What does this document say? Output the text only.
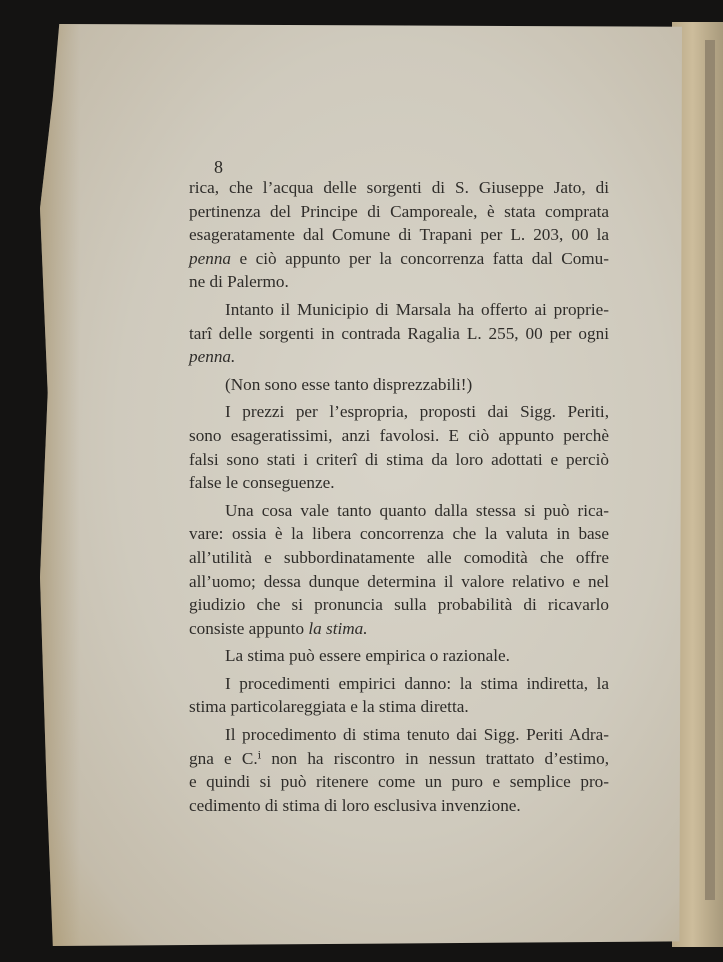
8
rica, che l’acqua delle sorgenti di S. Giuseppe Jato, di
pertinenza del Principe di Camporeale, è stata comprata
esageratamente dal Comune di Trapani per L. 203, 00 la
penna e ciò appunto per la concorrenza fatta dal Comu-
ne di Palermo.
Intanto il Municipio di Marsala ha offerto ai proprie-
tarî delle sorgenti in contrada Ragalia L. 255, 00 per ogni
penna.
(Non sono esse tanto disprezzabili!)
I prezzi per l’espropria, proposti dai Sigg. Periti,
sono esageratissimi, anzi favolosi. E ciò appunto perchè
falsi sono stati i criterî di stima da loro adottati e perciò
false le conseguenze.
Una cosa vale tanto quanto dalla stessa si può rica-
vare: ossia è la libera concorrenza che la valuta in base
all’utilità e subbordinatamente alle comodità che offre
all’uomo; dessa dunque determina il valore relativo e nel
giudizio che si pronuncia sulla probabilità di ricavarlo
consiste appunto la stima.
La stima può essere empirica o razionale.
I procedimenti empirici danno: la stima indiretta, la
stima particolareggiata e la stima diretta.
Il procedimento di stima tenuto dai Sigg. Periti Adra-
gna e C.ⁱ non ha riscontro in nessun trattato d’estimo,
e quindi si può ritenere come un puro e semplice pro-
cedimento di stima di loro esclusiva invenzione.
